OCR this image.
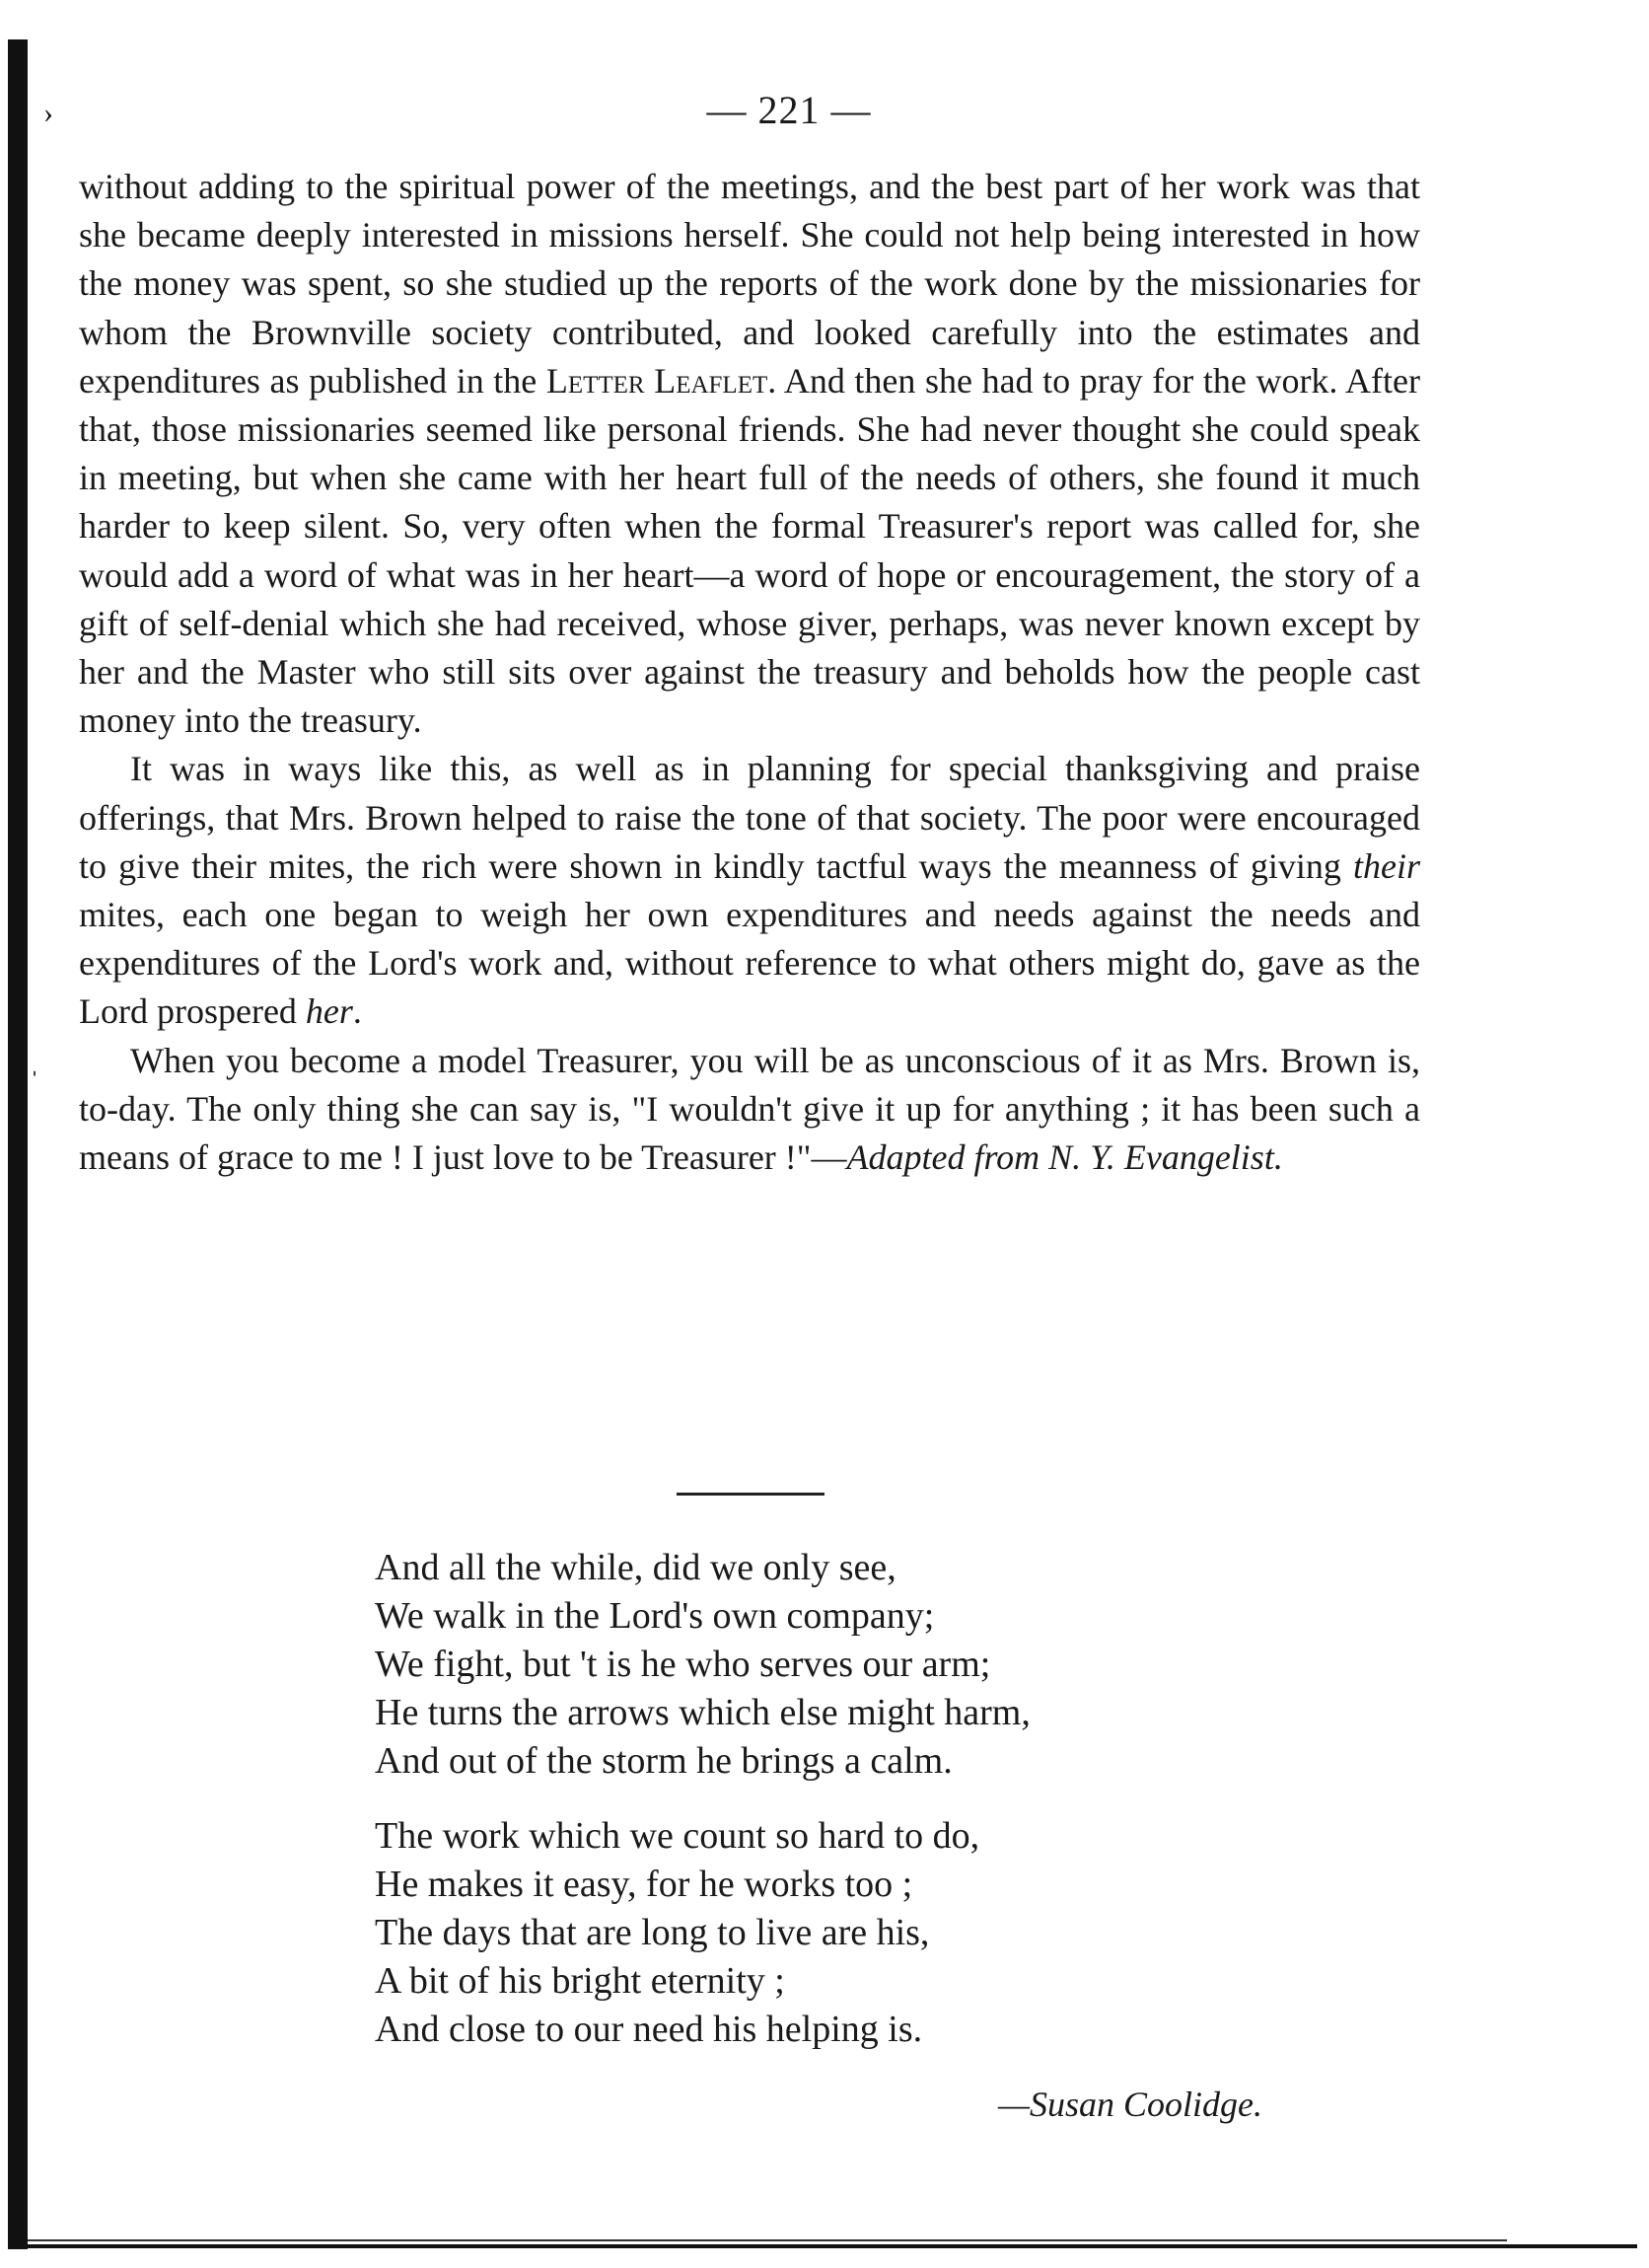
›
ˌ
— 221 —

without adding to the spiritual power of the meetings, and the best part of her work was that she became deeply interested in missions herself. She could not help being interested in how the money was spent, so she studied up the reports of the work done by the missionaries for whom the Brownville society contributed, and looked carefully into the estimates and expenditures as published in the Letter Leaflet. And then she had to pray for the work. After that, those missionaries seemed like personal friends. She had never thought she could speak in meeting, but when she came with her heart full of the needs of others, she found it much harder to keep silent. So, very often when the formal Treasurer's report was called for, she would add a word of what was in her heart—a word of hope or encouragement, the story of a gift of self-denial which she had received, whose giver, perhaps, was never known except by her and the Master who still sits over against the treasury and beholds how the people cast money into the treasury.

It was in ways like this, as well as in planning for special thanksgiving and praise offerings, that Mrs. Brown helped to raise the tone of that society. The poor were encouraged to give their mites, the rich were shown in kindly tactful ways the meanness of giving their mites, each one began to weigh her own expenditures and needs against the needs and expenditures of the Lord's work and, without reference to what others might do, gave as the Lord prospered her.

When you become a model Treasurer, you will be as unconscious of it as Mrs. Brown is, to-day. The only thing she can say is, "I wouldn't give it up for anything ; it has been such a means of grace to me ! I just love to be Treasurer !"—Adapted from N. Y. Evangelist.

And all the while, did we only see,
We walk in the Lord's own company;
We fight, but 't is he who serves our arm;
He turns the arrows which else might harm,
And out of the storm he brings a calm.
The work which we count so hard to do,
He makes it easy, for he works too ;
The days that are long to live are his,
A bit of his bright eternity ;
And close to our need his helping is.
—Susan Coolidge.
